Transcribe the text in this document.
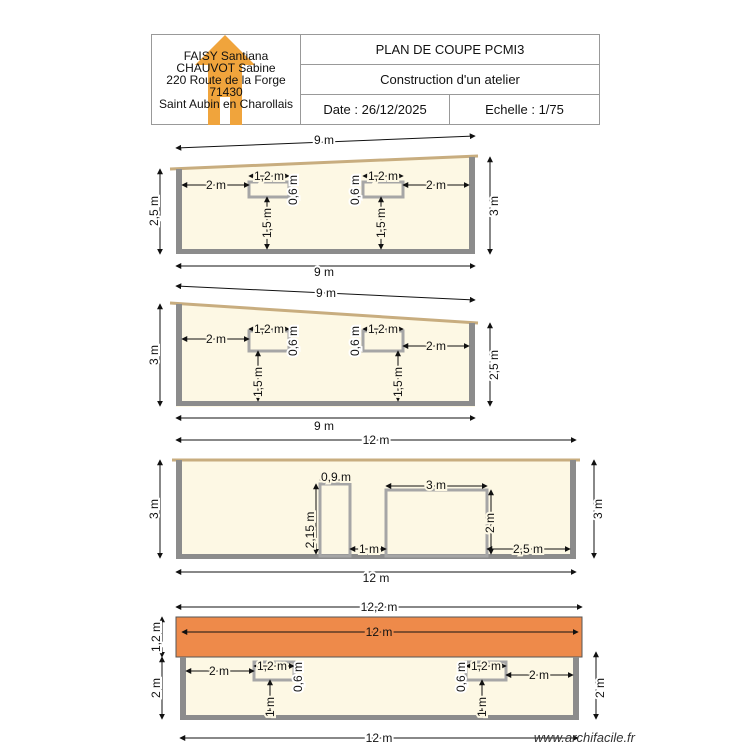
FAISY Santiana
CHAUVOT Sabine
220 Route de la Forge
71430
Saint Aubin en Charollais
PLAN DE COUPE PCMI3
Construction d'un atelier
Date : 26/12/2025	Echelle : 1/75
9 m
9 m
2,5 m	3 m
2 m
1,2 m 0,6 m
1,5 m
2 m
1,2 m
0,6 m
1,5 m
9 m
9 m
3 m	2,5 m
2 m
1,2 m 0,6 m
1,5 m
2 m
1,2 m
0,6 m
1,5 m
12 m
12 m
3 m	3 m
0,9 m
2,15 m
1 m
3 m
2 m
2,5 m
12,2 m
12 m
1,2 m
2 m	2 m
12 m
2 m 1,2 m 0,6 m
1 m
2 m
1,2 m
0,6 m
1 m
www.archifacile.fr
